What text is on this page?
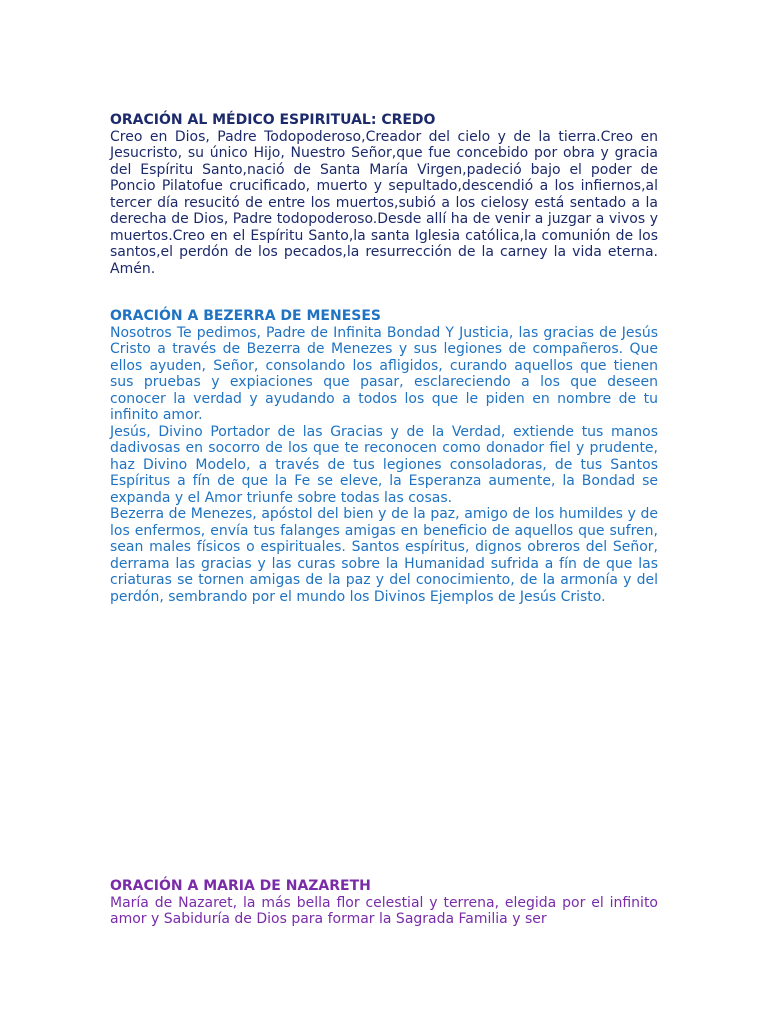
ORACIÓN AL MÉDICO ESPIRITUAL: CREDO

Creo en Dios, Padre Todopoderoso,Creador del cielo y de la tierra.Creo en Jesucristo, su único Hijo, Nuestro Señor,que fue concebido por obra y gracia del Espíritu Santo,nació de Santa María Virgen,padeció bajo el poder de Poncio Pilatofue crucificado, muerto y sepultado,descendió a los infiernos,al tercer día resucitó de entre los muertos,subió a los cielosy está sentado a la derecha de Dios, Padre todopoderoso.Desde allí ha de venir a juzgar a vivos y muertos.Creo en el Espíritu Santo,la santa Iglesia católica,la comunión de los santos,el perdón de los pecados,la resurrección de la carney la vida eterna. Amén.

ORACIÓN A BEZERRA DE MENESES

Nosotros Te pedimos, Padre de Infinita Bondad Y Justicia, las gracias de Jesús Cristo a través de Bezerra de Menezes y sus legiones de compañeros. Que ellos ayuden, Señor, consolando los afligidos, curando aquellos que tienen sus pruebas y expiaciones que pasar, esclareciendo a los que deseen conocer la verdad y ayudando a todos los que le piden en nombre de tu infinito amor.

Jesús, Divino Portador de las Gracias y de la Verdad, extiende tus manos dadivosas en socorro de los que te reconocen como donador fiel y prudente, haz Divino Modelo, a través de tus legiones consoladoras, de tus Santos Espíritus a fín de que la Fe se eleve, la Esperanza aumente, la Bondad se expanda y el Amor triunfe sobre todas las cosas.

Bezerra de Menezes, apóstol del bien y de la paz, amigo de los humildes y de los enfermos, envía tus falanges amigas en beneficio de aquellos que sufren, sean males físicos o espirituales. Santos espíritus, dignos obreros del Señor, derrama las gracias y las curas sobre la Humanidad sufrida a fín de que las criaturas se tornen amigas de la paz y del conocimiento, de la armonía y del perdón, sembrando por el mundo los Divinos Ejemplos de Jesús Cristo.

ORACIÓN A MARIA DE NAZARETH

María de Nazaret, la más bella flor celestial y terrena, elegida por el infinito amor y Sabiduría de Dios para formar la Sagrada Familia y ser
